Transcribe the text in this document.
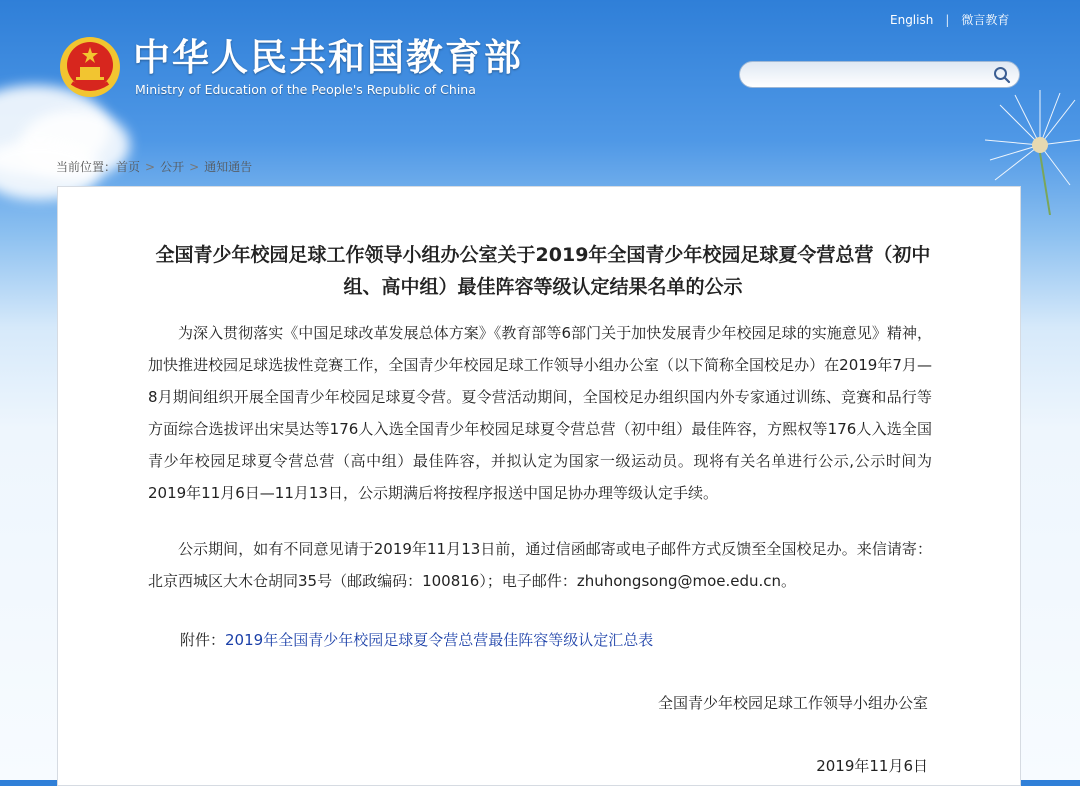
中华人民共和国教育部
Ministry of Education of the People's Republic of China
English | 微言教育
当前位置：首页 > 公开 > 通知通告
全国青少年校园足球工作领导小组办公室关于2019年全国青少年校园足球夏令营总营（初中组、高中组）最佳阵容等级认定结果名单的公示

为深入贯彻落实《中国足球改革发展总体方案》《教育部等6部门关于加快发展青少年校园足球的实施意见》精神，加快推进校园足球选拔性竞赛工作，全国青少年校园足球工作领导小组办公室（以下简称全国校足办）在2019年7月—8月期间组织开展全国青少年校园足球夏令营。夏令营活动期间，全国校足办组织国内外专家通过训练、竞赛和品行等方面综合选拔评出宋昊达等176人入选全国青少年校园足球夏令营总营（初中组）最佳阵容，方熙权等176人入选全国青少年校园足球夏令营总营（高中组）最佳阵容，并拟认定为国家一级运动员。现将有关名单进行公示,公示时间为2019年11月6日—11月13日，公示期满后将按程序报送中国足协办理等级认定手续。

公示期间，如有不同意见请于2019年11月13日前，通过信函邮寄或电子邮件方式反馈至全国校足办。来信请寄：北京西城区大木仓胡同35号（邮政编码：100816）；电子邮件：zhuhongsong@moe.edu.cn。

附件：2019年全国青少年校园足球夏令营总营最佳阵容等级认定汇总表
全国青少年校园足球工作领导小组办公室
2019年11月6日
